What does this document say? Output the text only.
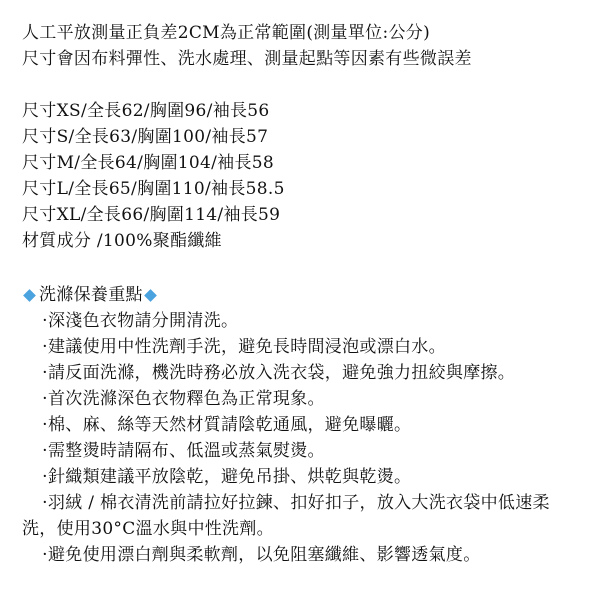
人工平放測量正負差2CM為正常範圍(測量單位:公分)
尺寸會因布料彈性、洗水處理、測量起點等因素有些微誤差
尺寸XS/全長62/胸圍96/袖長56
尺寸S/全長63/胸圍100/袖長57
尺寸M/全長64/胸圍104/袖長58
尺寸L/全長65/胸圍110/袖長58.5
尺寸XL/全長66/胸圍114/袖長59
材質成分 /100%聚酯纖維
洗滌保養重點
·深淺色衣物請分開清洗。
·建議使用中性洗劑手洗，避免長時間浸泡或漂白水。
·請反面洗滌，機洗時務必放入洗衣袋，避免強力扭絞與摩擦。
·首次洗滌深色衣物釋色為正常現象。
·棉、麻、絲等天然材質請陰乾通風，避免曝曬。
·需整燙時請隔布、低溫或蒸氣熨燙。
·針織類建議平放陰乾，避免吊掛、烘乾與乾燙。
·羽絨 / 棉衣清洗前請拉好拉鍊、扣好扣子，放入大洗衣袋中低速柔洗，使用30°C溫水與中性洗劑。
·避免使用漂白劑與柔軟劑，以免阻塞纖維、影響透氣度。
